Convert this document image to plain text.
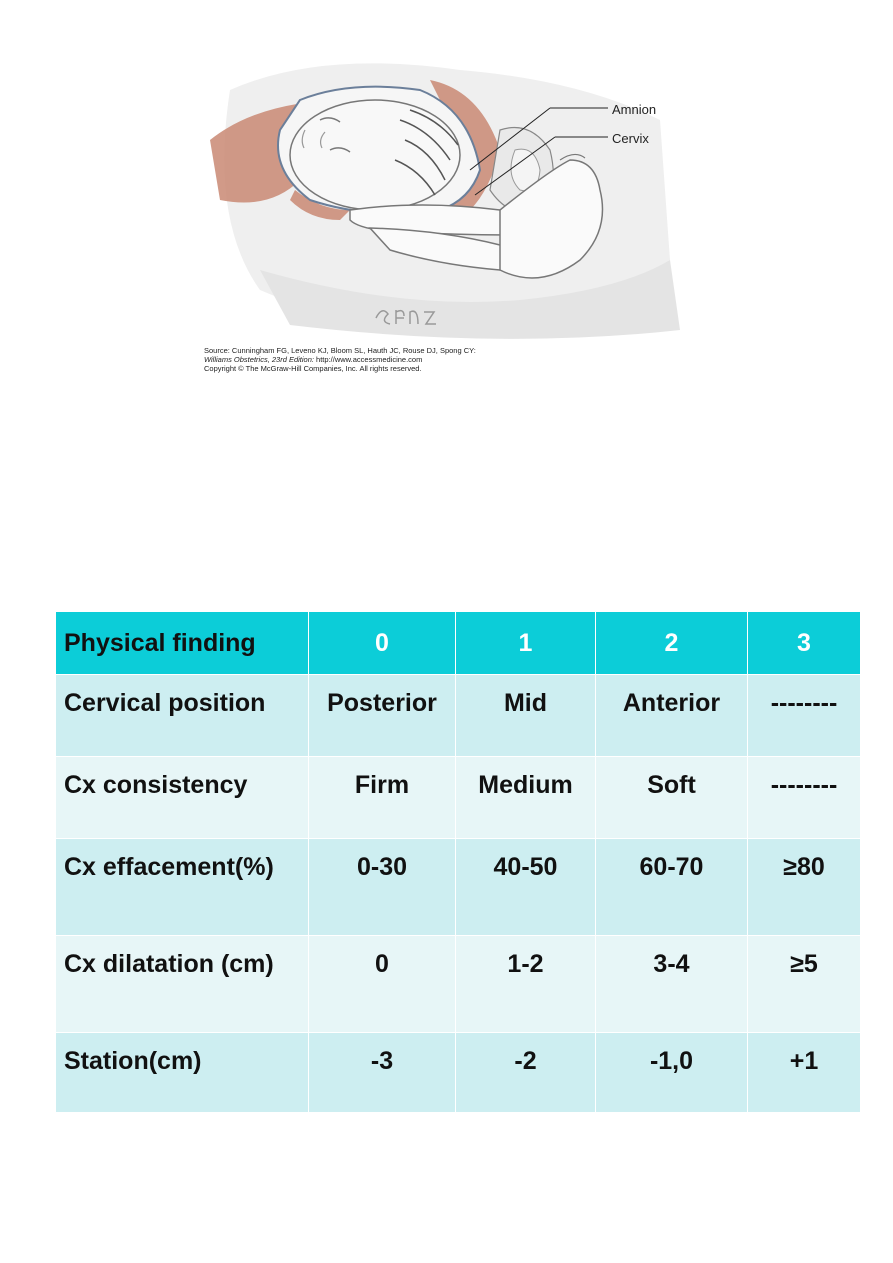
Amnion
Cervix
Source: Cunningham FG, Leveno KJ, Bloom SL, Hauth JC, Rouse DJ, Spong CY:
Williams Obstetrics, 23rd Edition: http://www.accessmedicine.com
Copyright © The McGraw-Hill Companies, Inc. All rights reserved.
Physical finding	0	1	2	3
Cervical position	Posterior	Mid	Anterior	--------
Cx consistency	Firm	Medium	Soft	--------
Cx effacement(%)	0-30	40-50	60-70	≥80
Cx dilatation (cm)	0	1-2	3-4	≥5
Station(cm)	-3	-2	-1,0	+1
